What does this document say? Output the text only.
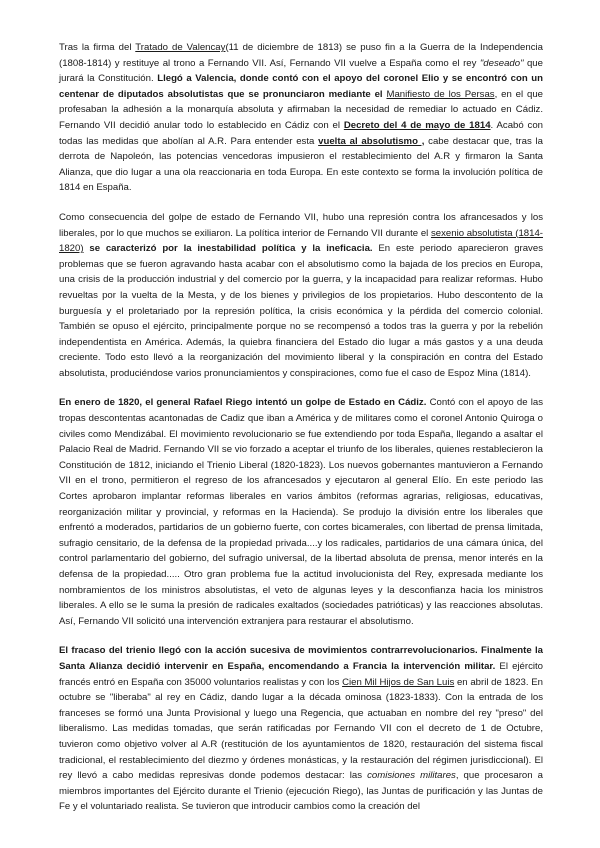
Tras la firma del Tratado de Valencay(11 de diciembre de 1813) se puso fin a la Guerra de la Independencia (1808-1814) y restituye al trono a Fernando VII. Así, Fernando VII vuelve a España como el rey "deseado" que jurará la Constitución. Llegó a Valencia, donde contó con el apoyo del coronel Elio y se encontró con un centenar de diputados absolutistas que se pronunciaron mediante el Manifiesto de los Persas, en el que profesaban la adhesión a la monarquía absoluta y afirmaban la necesidad de remediar lo actuado en Cádiz. Fernando VII decidió anular todo lo establecido en Cádiz con el Decreto del 4 de mayo de 1814. Acabó con todas las medidas que abolían al A.R. Para entender esta vuelta al absolutismo , cabe destacar que, tras la derrota de Napoleón, las potencias vencedoras impusieron el restablecimiento del A.R y firmaron la Santa Alianza, que dio lugar a una ola reaccionaria en toda Europa. En este contexto se forma la involución política de 1814 en España.

Como consecuencia del golpe de estado de Fernando VII, hubo una represión contra los afrancesados y los liberales, por lo que muchos se exiliaron. La política interior de Fernando VII durante el sexenio absolutista (1814-1820) se caracterizó por la inestabilidad política y la ineficacia. En este periodo aparecieron graves problemas que se fueron agravando hasta acabar con el absolutismo como la bajada de los precios en Europa, una crisis de la producción industrial y del comercio por la guerra, y la incapacidad para realizar reformas. Hubo revueltas por la vuelta de la Mesta, y de los bienes y privilegios de los propietarios. Hubo descontento de la burguesía y el proletariado por la represión política, la crisis económica y la pérdida del comercio colonial. También se opuso el ejército, principalmente porque no se recompensó a todos tras la guerra y por la rebelión independentista en América. Además, la quiebra financiera del Estado dio lugar a más gastos y a una deuda creciente. Todo esto llevó a la reorganización del movimiento liberal y la conspiración en contra del Estado absolutista, produciéndose varios pronunciamientos y conspiraciones, como fue el caso de Espoz Mina (1814).

En enero de 1820, el general Rafael Riego intentó un golpe de Estado en Cádiz. Contó con el apoyo de las tropas descontentas acantonadas de Cadiz que iban a América y de militares como el coronel Antonio Quiroga o civiles como Mendizábal. El movimiento revolucionario se fue extendiendo por toda España, llegando a asaltar el Palacio Real de Madrid. Fernando VII se vio forzado a aceptar el triunfo de los liberales, quienes restablecieron la Constitución de 1812, iniciando el Trienio Liberal (1820-1823). Los nuevos gobernantes mantuvieron a Fernando VII en el trono, permitieron el regreso de los afrancesados y ejecutaron al general Elío. En este periodo las Cortes aprobaron implantar reformas liberales en varios ámbitos (reformas agrarias, religiosas, educativas, reorganización militar y provincial, y reformas en la Hacienda). Se produjo la división entre los liberales que enfrentó a moderados, partidarios de un gobierno fuerte, con cortes bicamerales, con libertad de prensa limitada, sufragio censitario, de la defensa de la propiedad privada....y los radicales, partidarios de una cámara única, del control parlamentario del gobierno, del sufragio universal, de la libertad absoluta de prensa, menor interés en la defensa de la propiedad..... Otro gran problema fue la actitud involucionista del Rey, expresada mediante los nombramientos de los ministros absolutistas, el veto de algunas leyes y la desconfianza hacia los ministros liberales. A ello se le suma la presión de radicales exaltados (sociedades patrióticas) y las reacciones absolutas. Así, Fernando VII solicitó una intervención extranjera para restaurar el absolutismo.

El fracaso del trienio llegó con la acción sucesiva de movimientos contrarrevolucionarios. Finalmente la Santa Alianza decidió intervenir en España, encomendando a Francia la intervención militar. El ejército francés entró en España con 35000 voluntarios realistas y con los Cien Mil Hijos de San Luis en abril de 1823. En octubre se "liberaba" al rey en Cádiz, dando lugar a la década ominosa (1823-1833). Con la entrada de los franceses se formó una Junta Provisional y luego una Regencia, que actuaban en nombre del rey "preso" del liberalismo. Las medidas tomadas, que serán ratificadas por Fernando VII con el decreto de 1 de Octubre, tuvieron como objetivo volver al A.R (restitución de los ayuntamientos de 1820, restauración del sistema fiscal tradicional, el restablecimiento del diezmo y órdenes monásticas, y la restauración del régimen jurisdiccional). El rey llevó a cabo medidas represivas donde podemos destacar: las comisiones militares, que procesaron a miembros importantes del Ejército durante el Trienio (ejecución Riego), las Juntas de purificación y las Juntas de Fe y el voluntariado realista. Se tuvieron que introducir cambios como la creación del
